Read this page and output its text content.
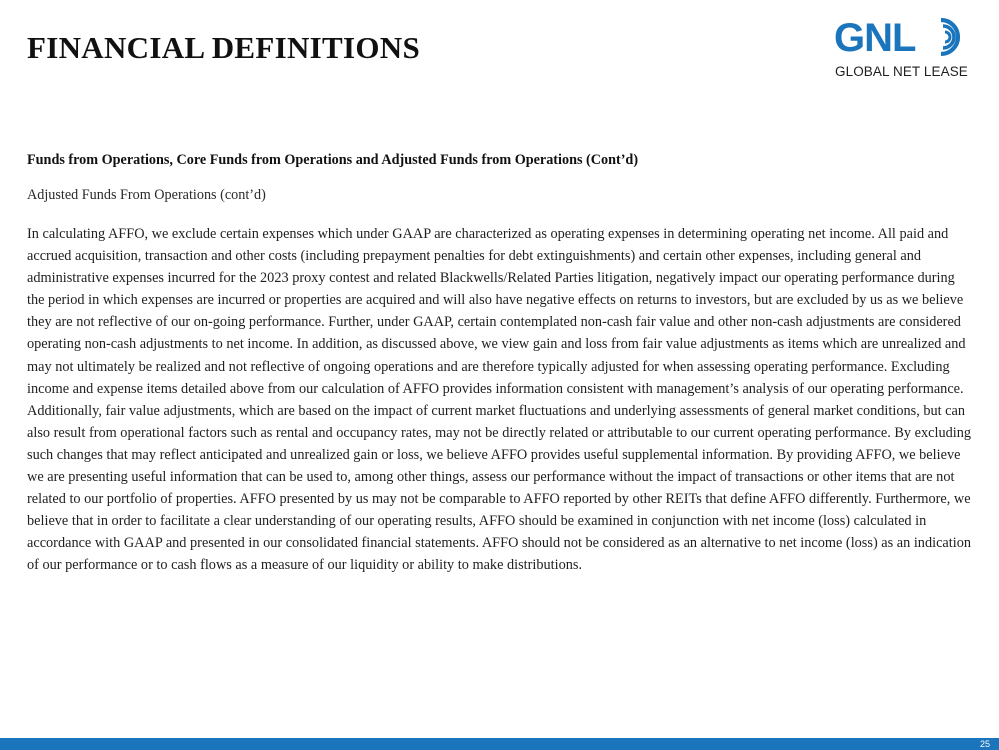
FINANCIAL DEFINITIONS	GNL
GLOBAL NET LEASE
Funds from Operations, Core Funds from Operations and Adjusted Funds from Operations (Cont’d)
Adjusted Funds From Operations (cont’d)

In calculating AFFO, we exclude certain expenses which under GAAP are characterized as operating expenses in determining operating net income. All paid and accrued acquisition, transaction and other costs (including prepayment penalties for debt extinguishments) and certain other expenses, including general and administrative expenses incurred for the 2023 proxy contest and related Blackwells/Related Parties litigation, negatively impact our operating performance during the period in which expenses are incurred or properties are acquired and will also have negative effects on returns to investors, but are excluded by us as we believe they are not reflective of our on-going performance. Further, under GAAP, certain contemplated non-cash fair value and other non-cash adjustments are considered operating non-cash adjustments to net income. In addition, as discussed above, we view gain and loss from fair value adjustments as items which are unrealized and may not ultimately be realized and not reflective of ongoing operations and are therefore typically adjusted for when assessing operating performance. Excluding income and expense items detailed above from our calculation of AFFO provides information consistent with management’s analysis of our operating performance. Additionally, fair value adjustments, which are based on the impact of current market fluctuations and underlying assessments of general market conditions, but can also result from operational factors such as rental and occupancy rates, may not be directly related or attributable to our current operating performance. By excluding such changes that may reflect anticipated and unrealized gain or loss, we believe AFFO provides useful supplemental information. By providing AFFO, we believe we are presenting useful information that can be used to, among other things, assess our performance without the impact of transactions or other items that are not related to our portfolio of properties. AFFO presented by us may not be comparable to AFFO reported by other REITs that define AFFO differently. Furthermore, we believe that in order to facilitate a clear understanding of our operating results, AFFO should be examined in conjunction with net income (loss) calculated in accordance with GAAP and presented in our consolidated financial statements. AFFO should not be considered as an alternative to net income (loss) as an indication of our performance or to cash flows as a measure of our liquidity or ability to make distributions.

25
